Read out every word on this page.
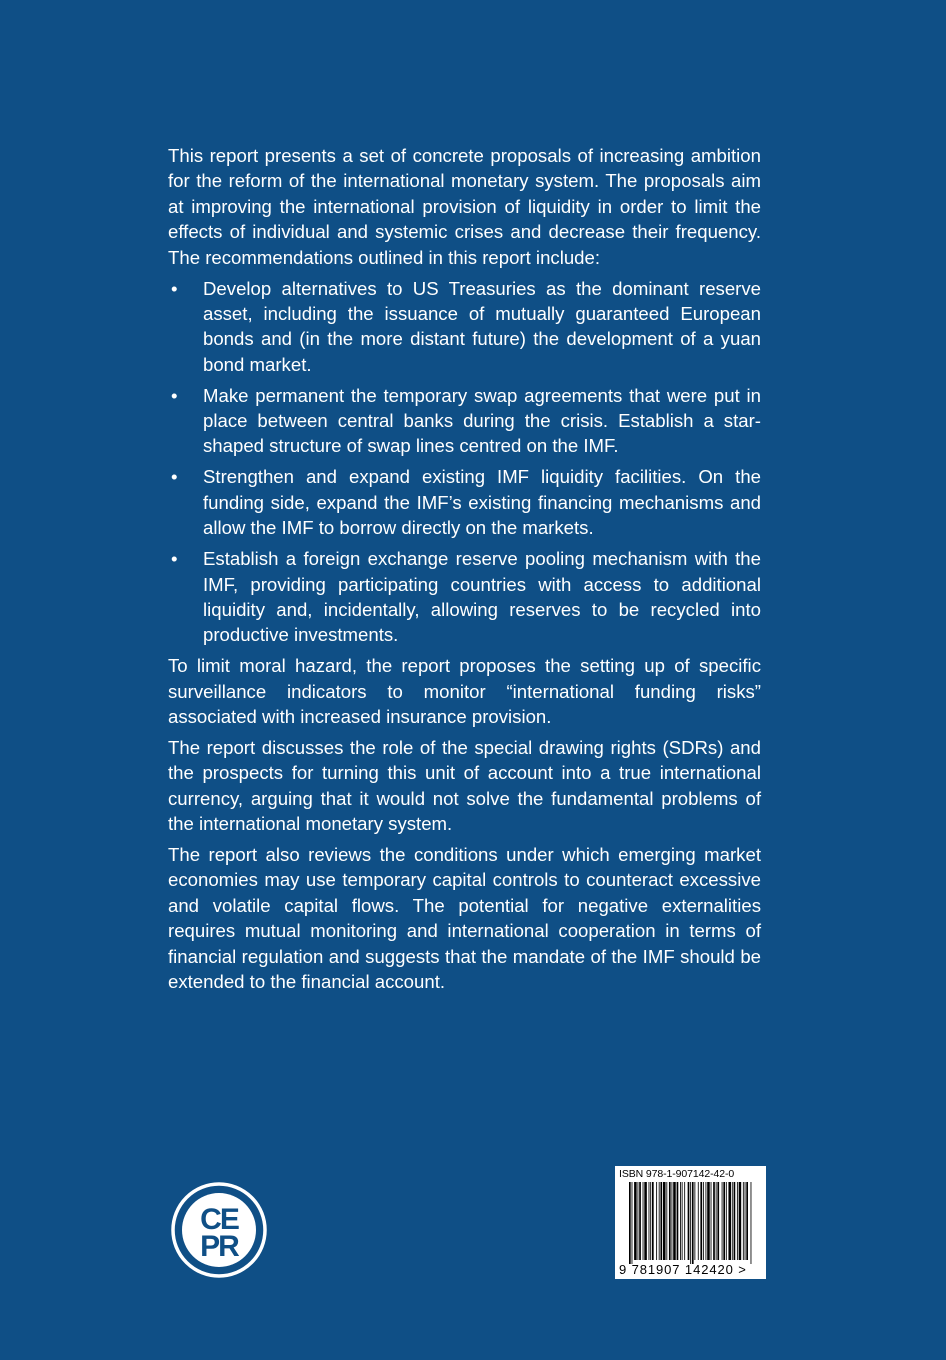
This report presents a set of concrete proposals of increasing ambition for the reform of the international monetary system. The proposals aim at improving the international provision of liquidity in order to limit the effects of individual and systemic crises and decrease their frequency. The recommendations outlined in this report include:

• Develop alternatives to US Treasuries as the dominant reserve asset, including the issuance of mutually guaranteed European bonds and (in the more distant future) the development of a yuan bond market.
• Make permanent the temporary swap agreements that were put in place between central banks during the crisis. Establish a star-shaped structure of swap lines centred on the IMF.
• Strengthen and expand existing IMF liquidity facilities. On the funding side, expand the IMF’s existing financing mechanisms and allow the IMF to borrow directly on the markets.
• Establish a foreign exchange reserve pooling mechanism with the IMF, providing participating countries with access to additional liquidity and, incidentally, allowing reserves to be recycled into productive investments.

To limit moral hazard, the report proposes the setting up of specific surveillance indicators to monitor “international funding risks” associated with increased insurance provision.

The report discusses the role of the special drawing rights (SDRs) and the prospects for turning this unit of account into a true international currency, arguing that it would not solve the fundamental problems of the international monetary system.

The report also reviews the conditions under which emerging market economies may use temporary capital controls to counteract excessive and volatile capital flows. The potential for negative externalities requires mutual monitoring and international cooperation in terms of financial regulation and suggests that the mandate of the IMF should be extended to the financial account.

CE
PR
ISBN 978-1-907142-42-0
9 781907 142420 >
